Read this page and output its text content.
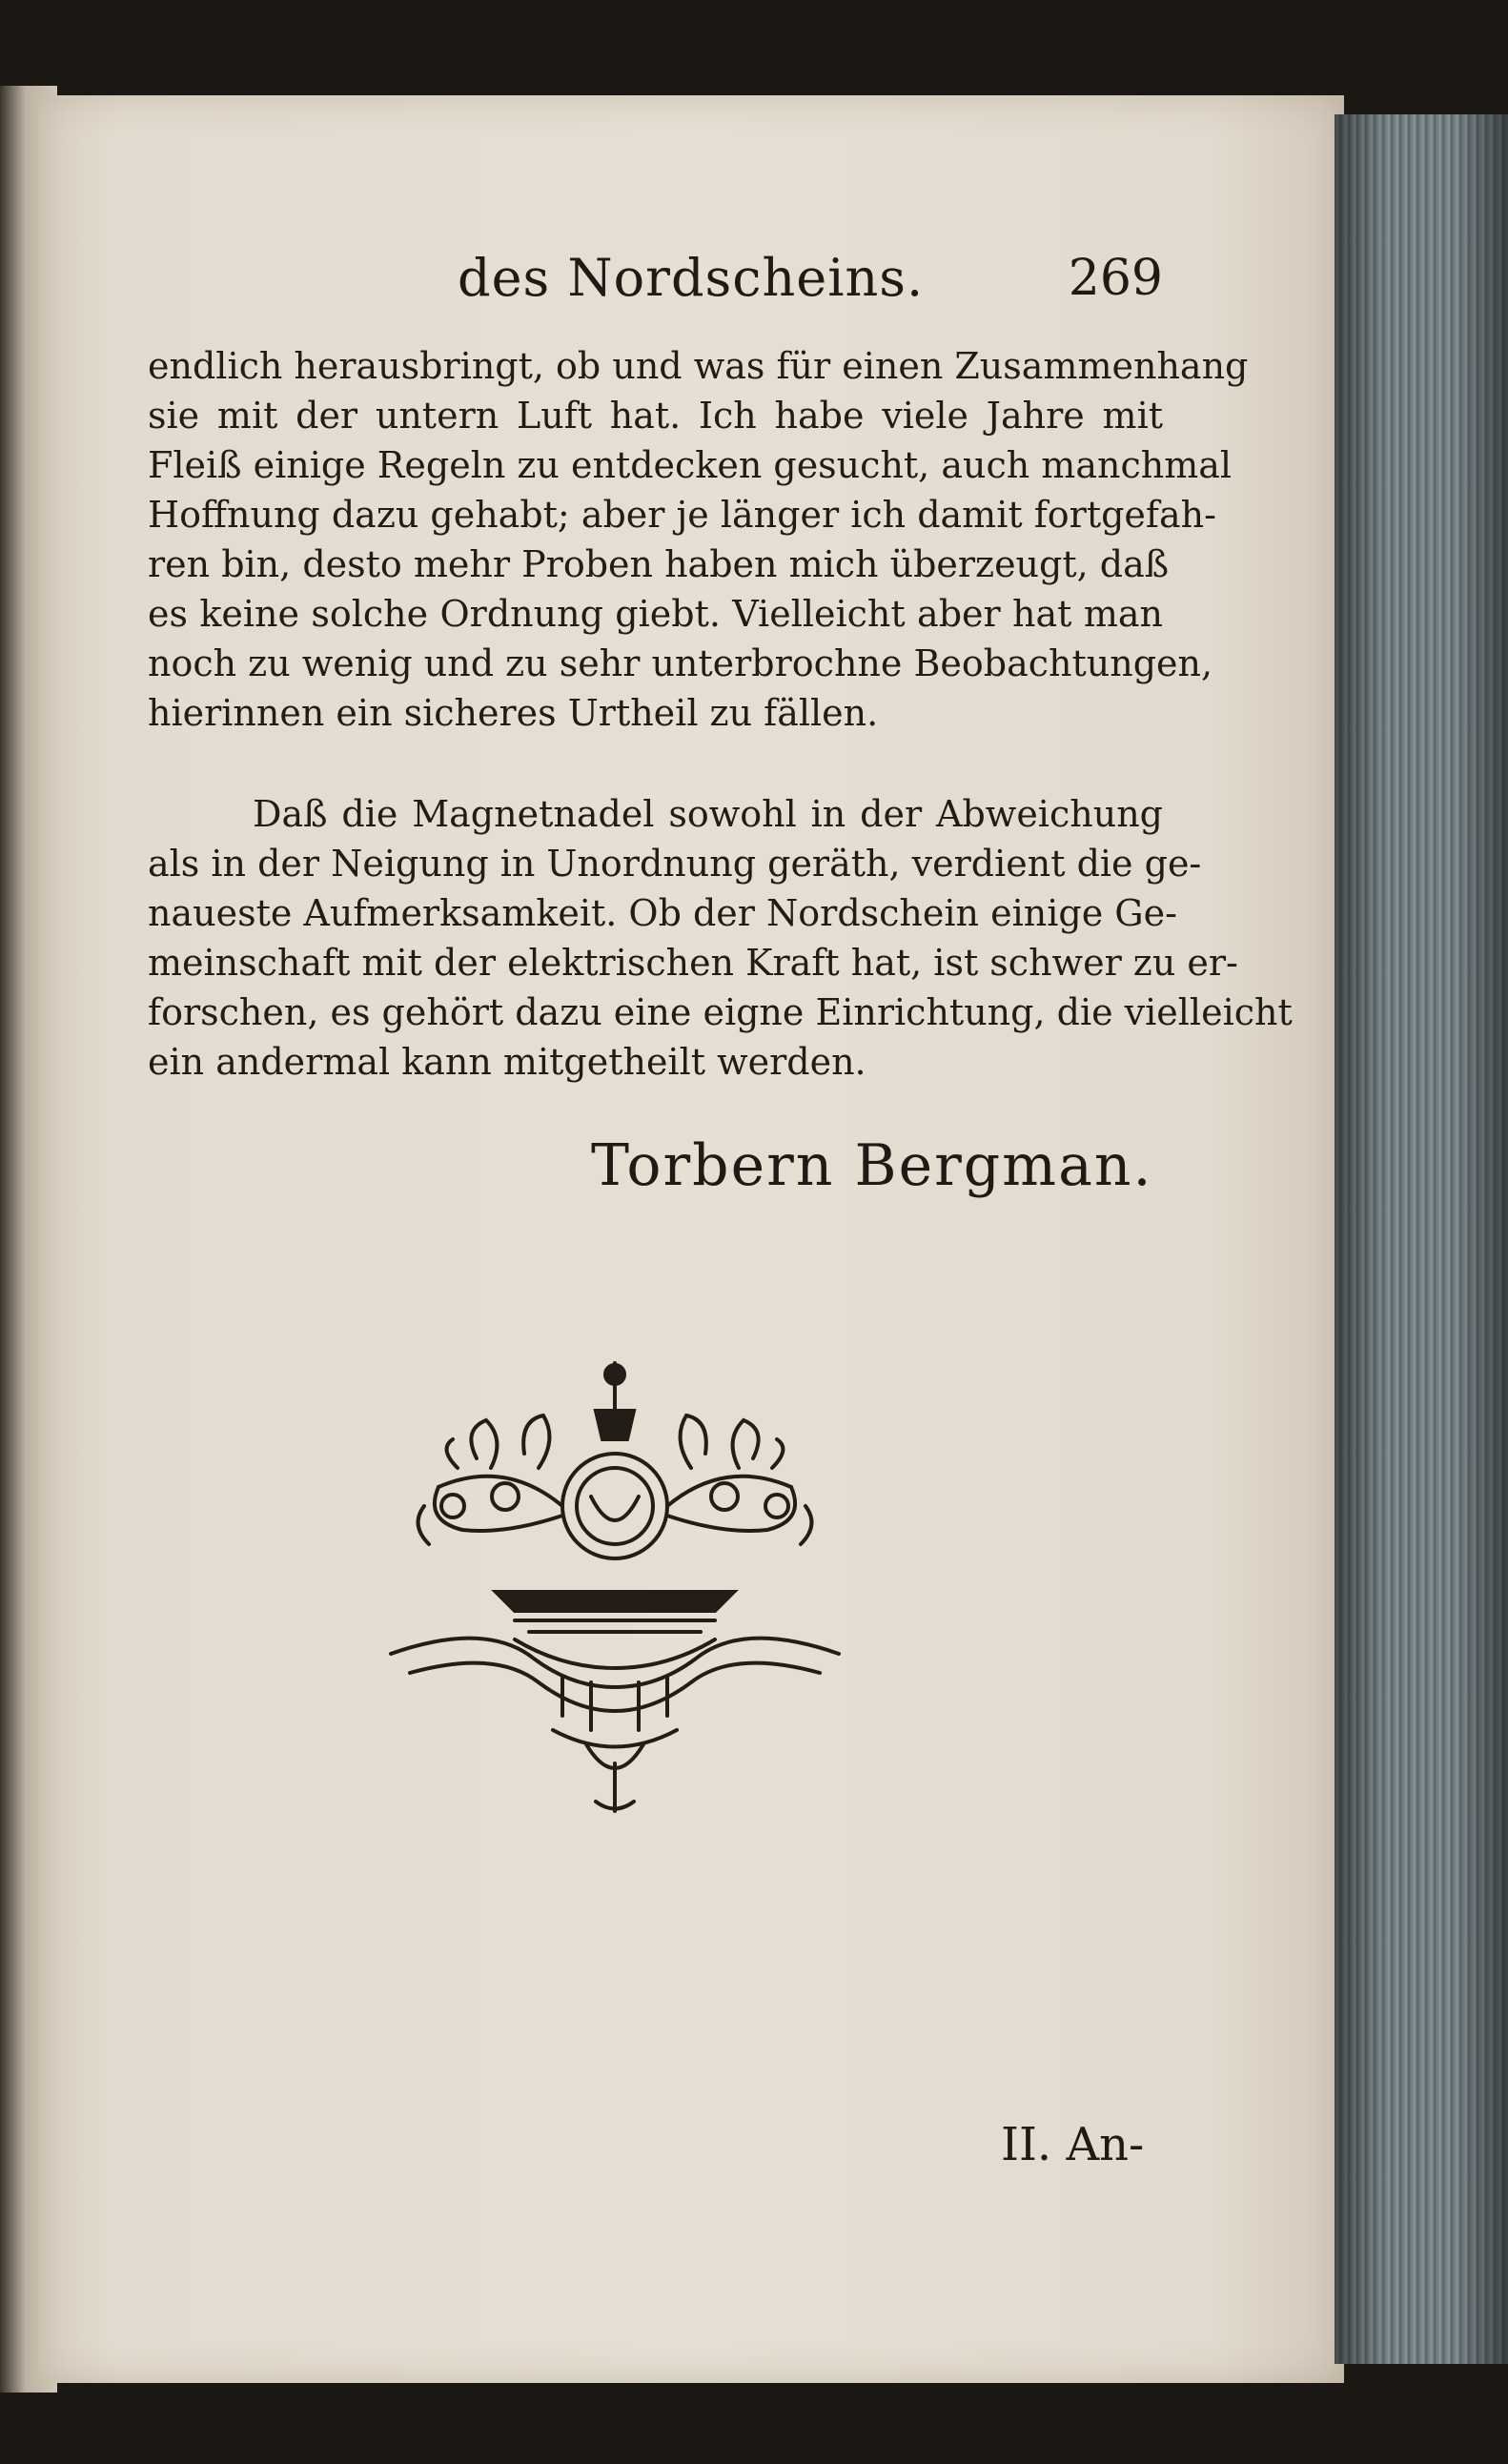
des Nordscheins.	269
endlich herausbringt, ob und was für einen Zusammenhang
sie mit der untern Luft hat. Ich habe viele Jahre mit
Fleiß einige Regeln zu entdecken gesucht, auch manchmal
Hoffnung dazu gehabt; aber je länger ich damit fortgefah-
ren bin, desto mehr Proben haben mich überzeugt, daß
es keine solche Ordnung giebt. Vielleicht aber hat man
noch zu wenig und zu sehr unterbrochne Beobachtungen,
hierinnen ein sicheres Urtheil zu fällen.
Daß die Magnetnadel sowohl in der Abweichung
als in der Neigung in Unordnung geräth, verdient die ge-
naueste Aufmerksamkeit. Ob der Nordschein einige Ge-
meinschaft mit der elektrischen Kraft hat, ist schwer zu er-
forschen, es gehört dazu eine eigne Einrichtung, die vielleicht
ein andermal kann mitgetheilt werden.
Torbern Bergman.
II. An-
